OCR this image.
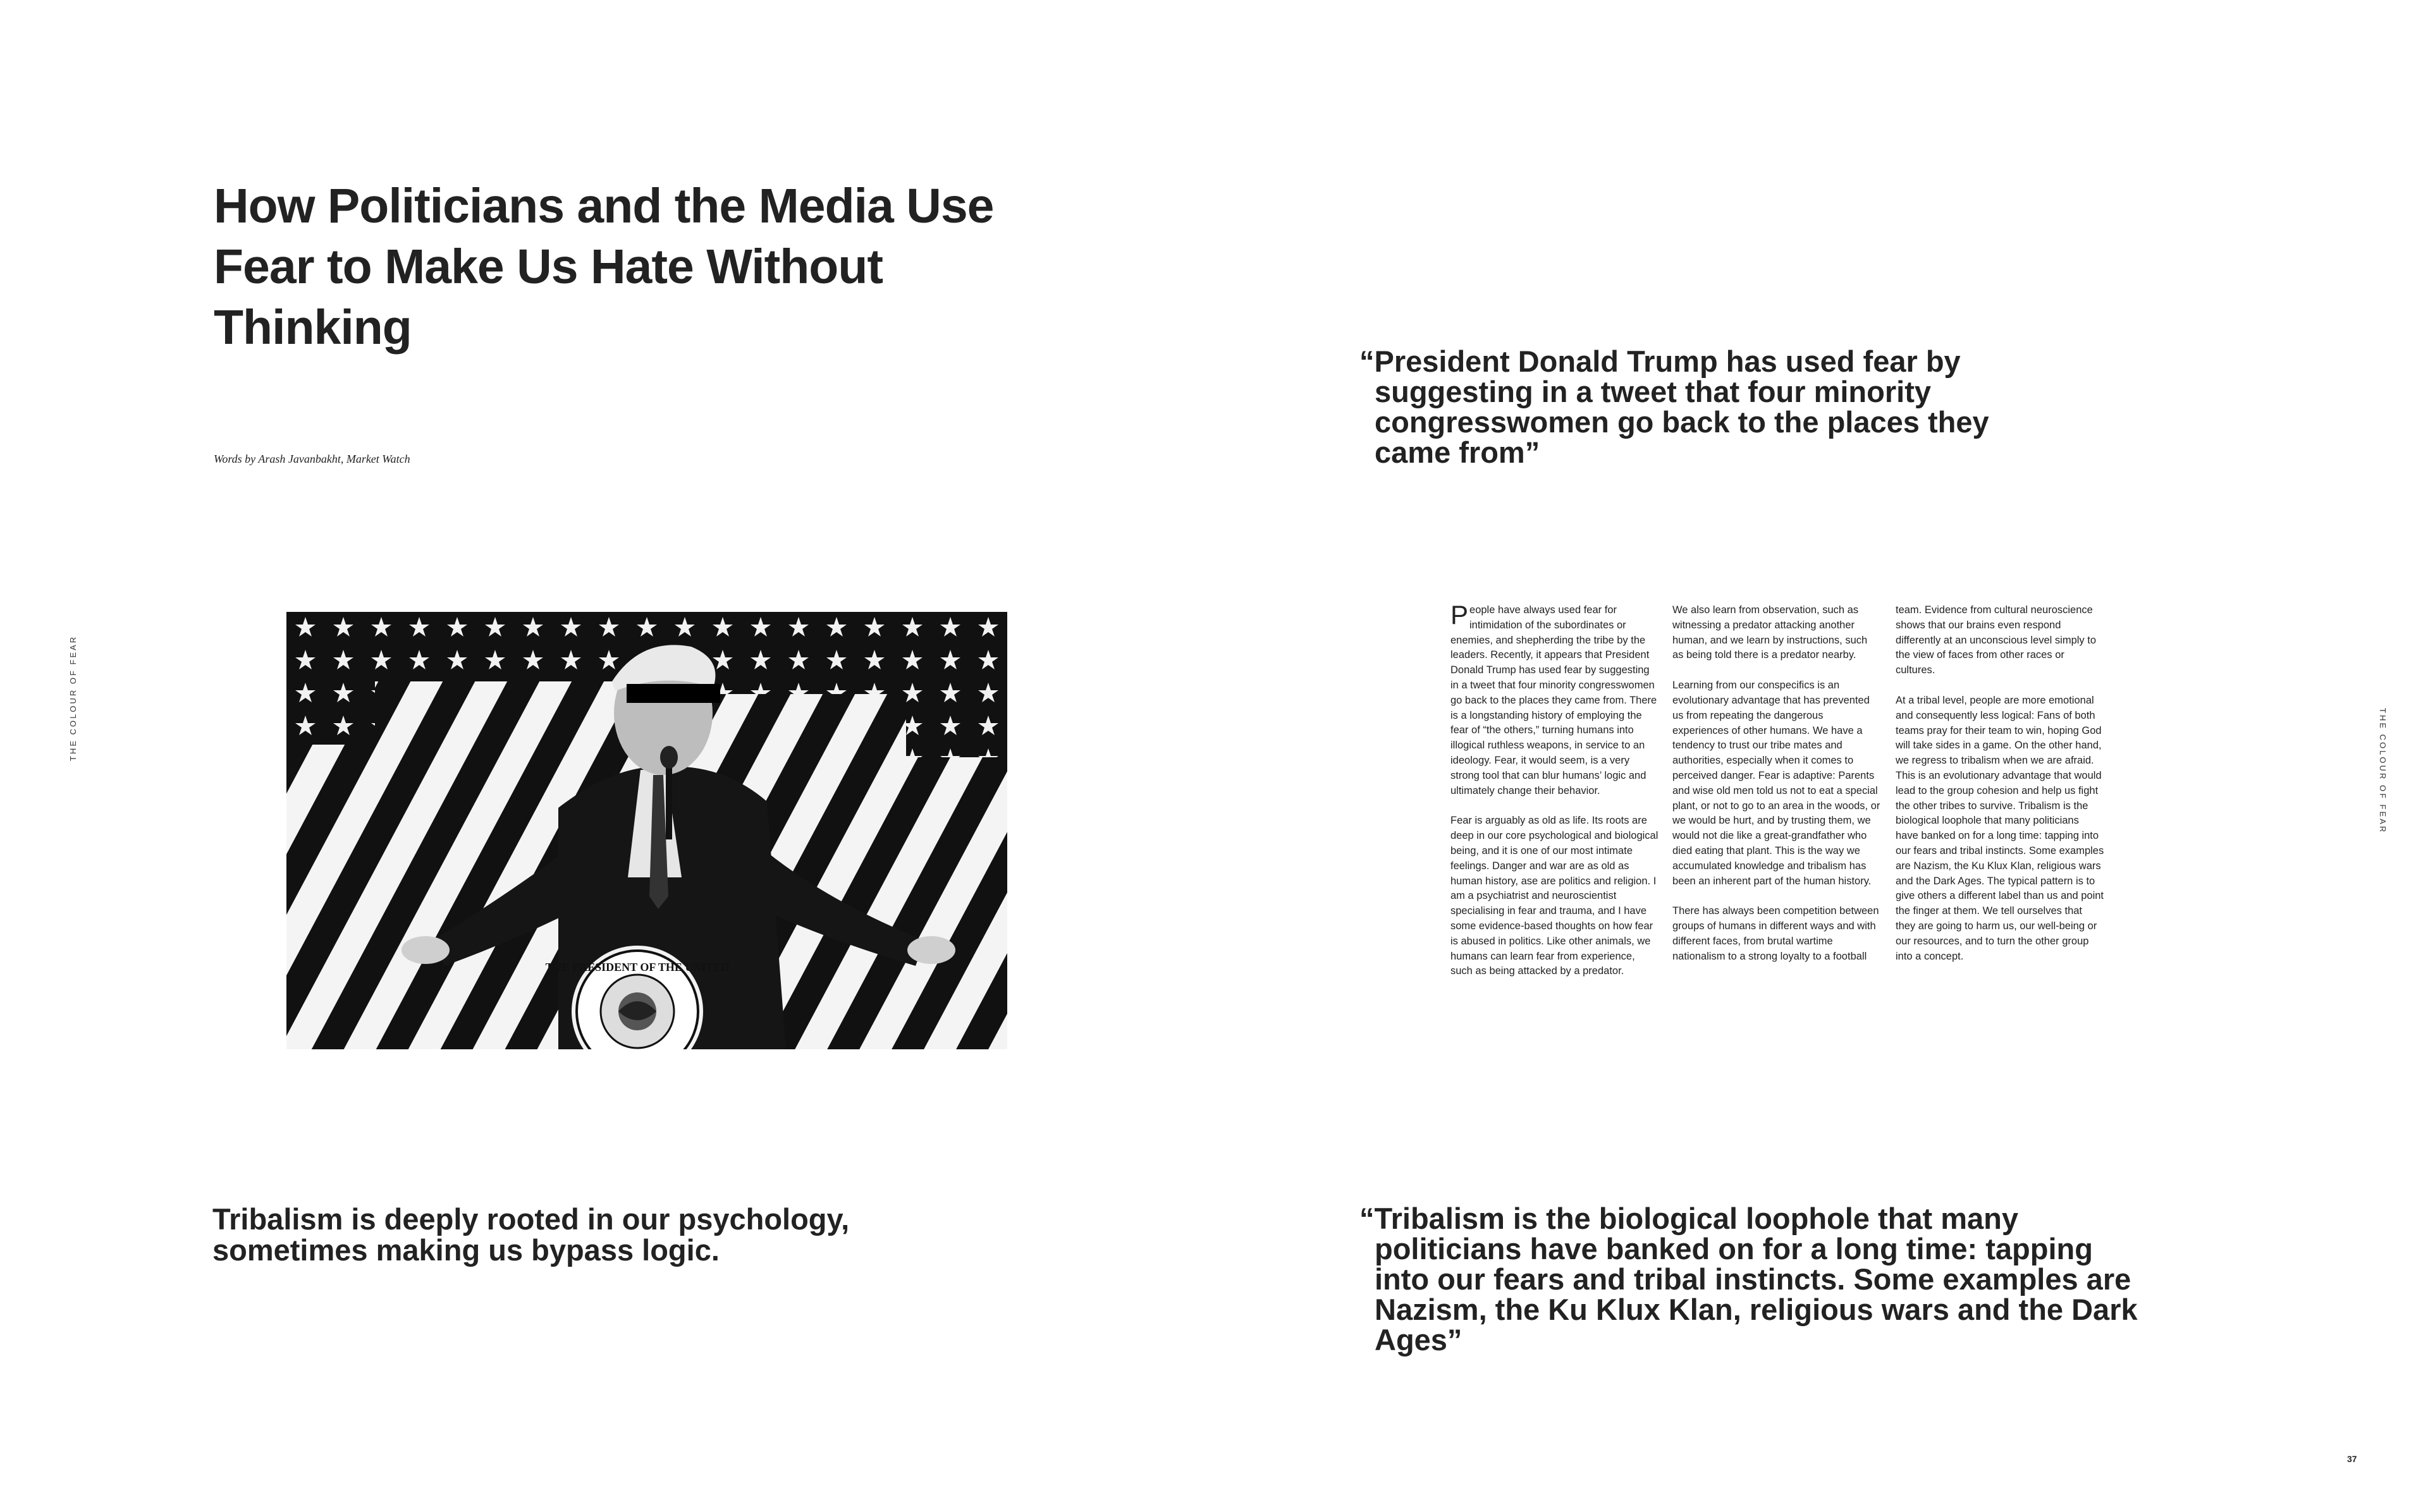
How Politicians and the Media Use Fear to Make Us Hate Without Thinking

Words by Arash Javanbakht, Market Watch

THE COLOUR OF FEAR
THE COLOUR OF FEAR
THE PRESIDENT OF THE UNITED

“President Donald Trump has used fear by suggesting in a tweet that four minority congresswomen go back to the places they came from”

People have always used fear for intimidation of the subordinates or enemies, and shepherding the tribe by the leaders. Recently, it appears that President Donald Trump has used fear by suggesting in a tweet that four minority congresswomen go back to the places they came from. There is a longstanding history of employing the fear of “the others,” turning humans into illogical ruthless weapons, in service to an ideology. Fear, it would seem, is a very strong tool that can blur humans’ logic and ultimately change their behavior.

Fear is arguably as old as life. Its roots are deep in our core psychological and biological being, and it is one of our most intimate feelings. Danger and war are as old as human history, ase are politics and religion. I am a psychiatrist and neuroscientist specialising in fear and trauma, and I have some evidence-based thoughts on how fear is abused in politics. Like other animals, we humans can learn fear from experience, such as being attacked by a predator.

We also learn from observation, such as witnessing a predator attacking another human, and we learn by instructions, such as being told there is a predator nearby.

Learning from our conspecifics is an evolutionary advantage that has prevented us from repeating the dangerous experiences of other humans. We have a tendency to trust our tribe mates and authorities, especially when it comes to perceived danger. Fear is adaptive: Parents and wise old men told us not to eat a special plant, or not to go to an area in the woods, or we would be hurt, and by trusting them, we would not die like a great-grandfather who died eating that plant. This is the way we accumulated knowledge and tribalism has been an inherent part of the human history.

There has always been competition between groups of humans in different ways and with different faces, from brutal wartime nationalism to a strong loyalty to a football

team. Evidence from cultural neuroscience shows that our brains even respond differently at an unconscious level simply to the view of faces from other races or cultures.

At a tribal level, people are more emotional and consequently less logical: Fans of both teams pray for their team to win, hoping God will take sides in a game. On the other hand, we regress to tribalism when we are afraid. This is an evolutionary advantage that would lead to the group cohesion and help us fight the other tribes to survive. Tribalism is the biological loophole that many politicians have banked on for a long time: tapping into our fears and tribal instincts. Some examples are Nazism, the Ku Klux Klan, religious wars and the Dark Ages. The typical pattern is to give others a different label than us and point the finger at them. We tell ourselves that they are going to harm us, our well-being or our resources, and to turn the other group into a concept.

Tribalism is deeply rooted in our psychology, sometimes making us bypass logic.

“Tribalism is the biological loophole that many politicians have banked on for a long time: tapping into our fears and tribal instincts. Some examples are Nazism, the Ku Klux Klan, religious wars and the Dark Ages”

37
